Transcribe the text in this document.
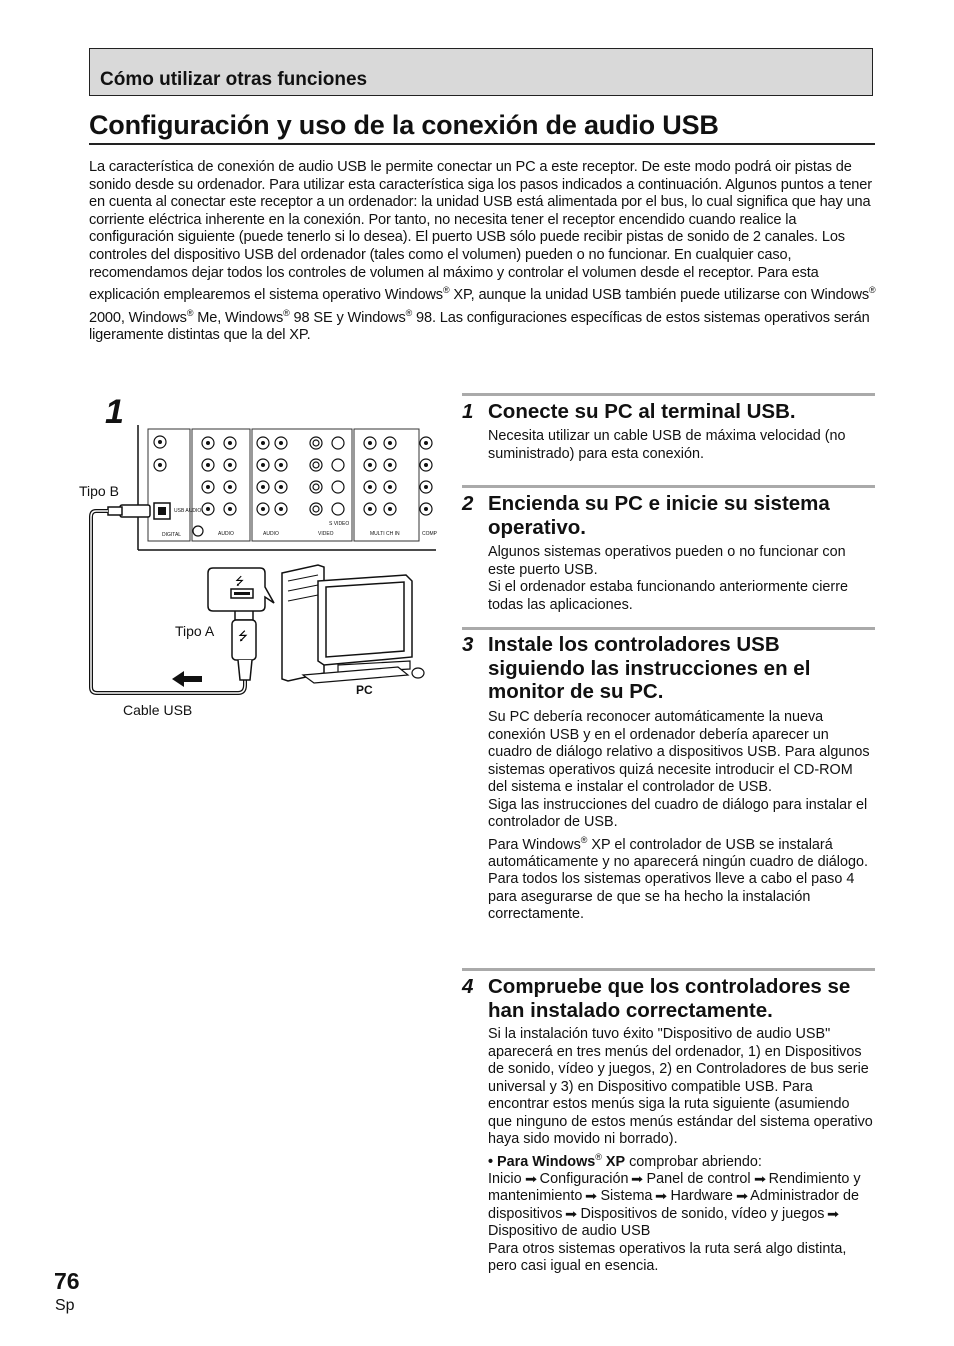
Cómo utilizar otras funciones
Configuración y uso de la conexión de audio USB

La característica de conexión de audio USB le permite conectar un PC a este receptor. De este modo podrá oir pistas de sonido desde su ordenador. Para utilizar esta característica siga los pasos indicados a continuación. Algunos puntos a tener en cuenta al conectar este receptor a un ordenador: la unidad USB está alimentada por el bus, lo cual significa que hay una corriente eléctrica inherente en la conexión. Por tanto, no necesita tener el receptor encendido cuando realice la configuración siguiente (puede tenerlo si lo desea). El puerto USB sólo puede recibir pistas de sonido de 2 canales. Los controles del dispositivo USB del ordenador (tales como el volumen) pueden o no funcionar. En cualquier caso, recomendamos dejar todos los controles de volumen al máximo y controlar el volumen desde el receptor. Para esta explicación emplearemos el sistema operativo Windows® XP, aunque la unidad USB también puede utilizarse con Windows® 2000, Windows® Me, Windows® 98 SE y Windows® 98. Las configuraciones específicas de estos sistemas operativos serán ligeramente distintas que la del XP.

1
Tipo B
Tipo A
Cable USB
PC
DIGITAL	AUDIO	AUDIO	VIDEO	MULTI CH IN	COMP
USB AUDIO
S VIDEO
⭍
⭍
1 Conecte su PC al terminal USB.

Necesita utilizar un cable USB de máxima velocidad (no suministrado) para esta conexión.

2 Encienda su PC e inicie su sistema operativo.

Algunos sistemas operativos pueden o no funcionar con este puerto USB.

Si el ordenador estaba funcionando anteriormente cierre todas las aplicaciones.

3 Instale los controladores USB siguiendo las instrucciones en el monitor de su PC.

Su PC debería reconocer automáticamente la nueva conexión USB y en el ordenador debería aparecer un cuadro de diálogo relativo a dispositivos USB. Para algunos sistemas operativos quizá necesite introducir el CD-ROM del sistema e instalar el controlador de USB.

Siga las instrucciones del cuadro de diálogo para instalar el controlador de USB.

Para Windows® XP el controlador de USB se instalará automáticamente y no aparecerá ningún cuadro de diálogo.

Para todos los sistemas operativos lleve a cabo el paso 4 para asegurarse de que se ha hecho la instalación correctamente.

4 Compruebe que los controladores se han instalado correctamente.

Si la instalación tuvo éxito "Dispositivo de audio USB" aparecerá en tres menús del ordenador, 1) en Dispositivos de sonido, vídeo y juegos, 2) en Controladores de bus serie universal y 3) en Dispositivo compatible USB. Para encontrar estos menús siga la ruta siguiente (asumiendo que ninguno de estos menús estándar del sistema operativo haya sido movido ni borrado).

• Para Windows® XP comprobar abriendo:
Inicio ➡ Configuración ➡ Panel de control ➡ Rendimiento y mantenimiento ➡ Sistema ➡ Hardware ➡ Administrador de dispositivos ➡ Dispositivos de sonido, vídeo y juegos ➡ Dispositivo de audio USB

Para otros sistemas operativos la ruta será algo distinta, pero casi igual en esencia.

76
Sp
